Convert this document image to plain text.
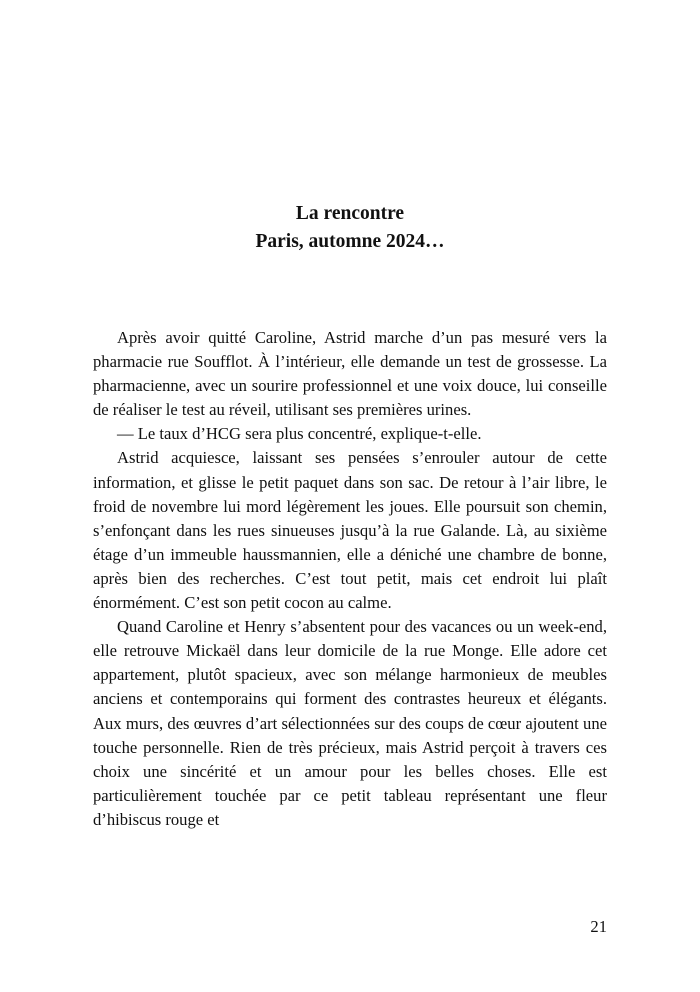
La rencontre
Paris, automne 2024…

Après avoir quitté Caroline, Astrid marche d’un pas mesuré vers la pharmacie rue Soufflot. À l’intérieur, elle demande un test de grossesse. La pharmacienne, avec un sourire professionnel et une voix douce, lui conseille de réaliser le test au réveil, utilisant ses premières urines.

— Le taux d’HCG sera plus concentré, explique-t-elle.

Astrid acquiesce, laissant ses pensées s’enrouler autour de cette information, et glisse le petit paquet dans son sac. De retour à l’air libre, le froid de novembre lui mord légèrement les joues. Elle poursuit son chemin, s’enfonçant dans les rues sinueuses jusqu’à la rue Galande. Là, au sixième étage d’un immeuble haussmannien, elle a déniché une chambre de bonne, après bien des recherches. C’est tout petit, mais cet endroit lui plaît énormément. C’est son petit cocon au calme.

Quand Caroline et Henry s’absentent pour des vacances ou un week-end, elle retrouve Mickaël dans leur domicile de la rue Monge. Elle adore cet appartement, plutôt spacieux, avec son mélange harmonieux de meubles anciens et contemporains qui forment des contrastes heureux et élégants. Aux murs, des œuvres d’art sélectionnées sur des coups de cœur ajoutent une touche personnelle. Rien de très précieux, mais Astrid perçoit à travers ces choix une sincérité et un amour pour les belles choses. Elle est particulièrement touchée par ce petit tableau représentant une fleur d’hibiscus rouge et

21
